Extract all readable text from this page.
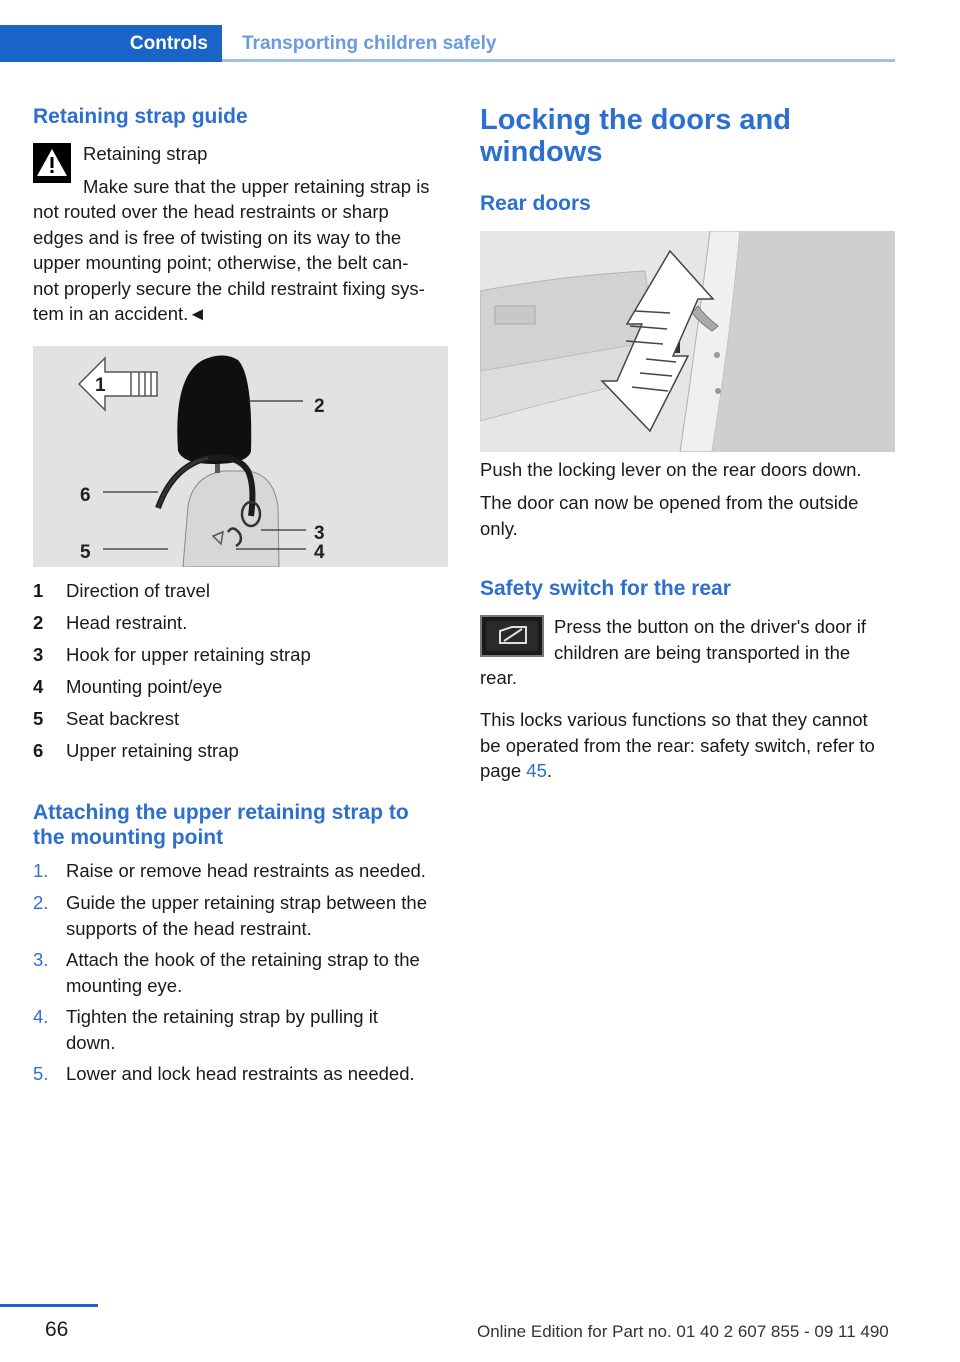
Controls	Transporting children safely
Retaining strap guide
Retaining strap
Make sure that the upper retaining strap is
not routed over the head restraints or sharp
edges and is free of twisting on its way to the
upper mounting point; otherwise, the belt can-
not properly secure the child restraint fixing sys-
tem in an accident.◄
1
2
3
4
5
6
1 Direction of travel
2 Head restraint.
3 Hook for upper retaining strap
4 Mounting point/eye
5 Seat backrest
6 Upper retaining strap
Attaching the upper retaining strap to
the mounting point
1. Raise or remove head restraints as needed.
2. Guide the upper retaining strap between the
supports of the head restraint.
3. Attach the hook of the retaining strap to the
mounting eye.
4. Tighten the retaining strap by pulling it
down.
5. Lower and lock head restraints as needed.
Locking the doors and
windows
Rear doors
Push the locking lever on the rear doors down.
The door can now be opened from the outside
only.
Safety switch for the rear
Press the button on the driver's door if
children are being transported in the
rear.
This locks various functions so that they cannot
be operated from the rear: safety switch, refer to
page 45.
66	Online Edition for Part no. 01 40 2 607 855 - 09 11 490
